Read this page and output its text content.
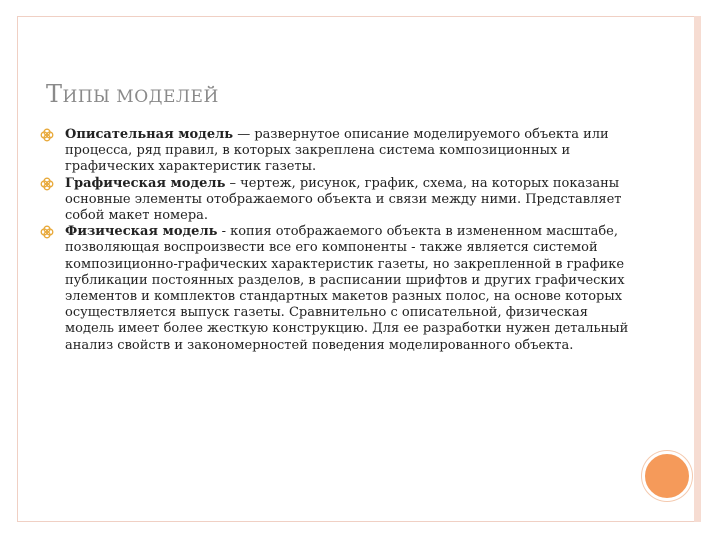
ТИПЫ МОДЕЛЕЙ
Описательная модель — развернутое описание моделируемого объекта или процесса, ряд правил, в которых закреплена система композиционных и графических характеристик газеты.
Графическая модель – чертеж, рисунок, график, схема, на которых показаны основные элементы отображаемого объекта и связи между ними. Представляет собой макет номера.
Физическая модель - копия отображаемого объекта в измененном масштабе, позволяющая воспроизвести все его компоненты - также является системой композиционно-графических характеристик газеты, но закрепленной в графике публикации постоянных разделов, в расписании шрифтов и других графических элементов и комплектов стандартных макетов разных полос, на основе которых осуществляется выпуск газеты. Сравнительно с описательной, физическая модель имеет более жесткую конструкцию. Для ее разработки нужен детальный анализ свойств и закономерностей поведения моделированного объекта.
